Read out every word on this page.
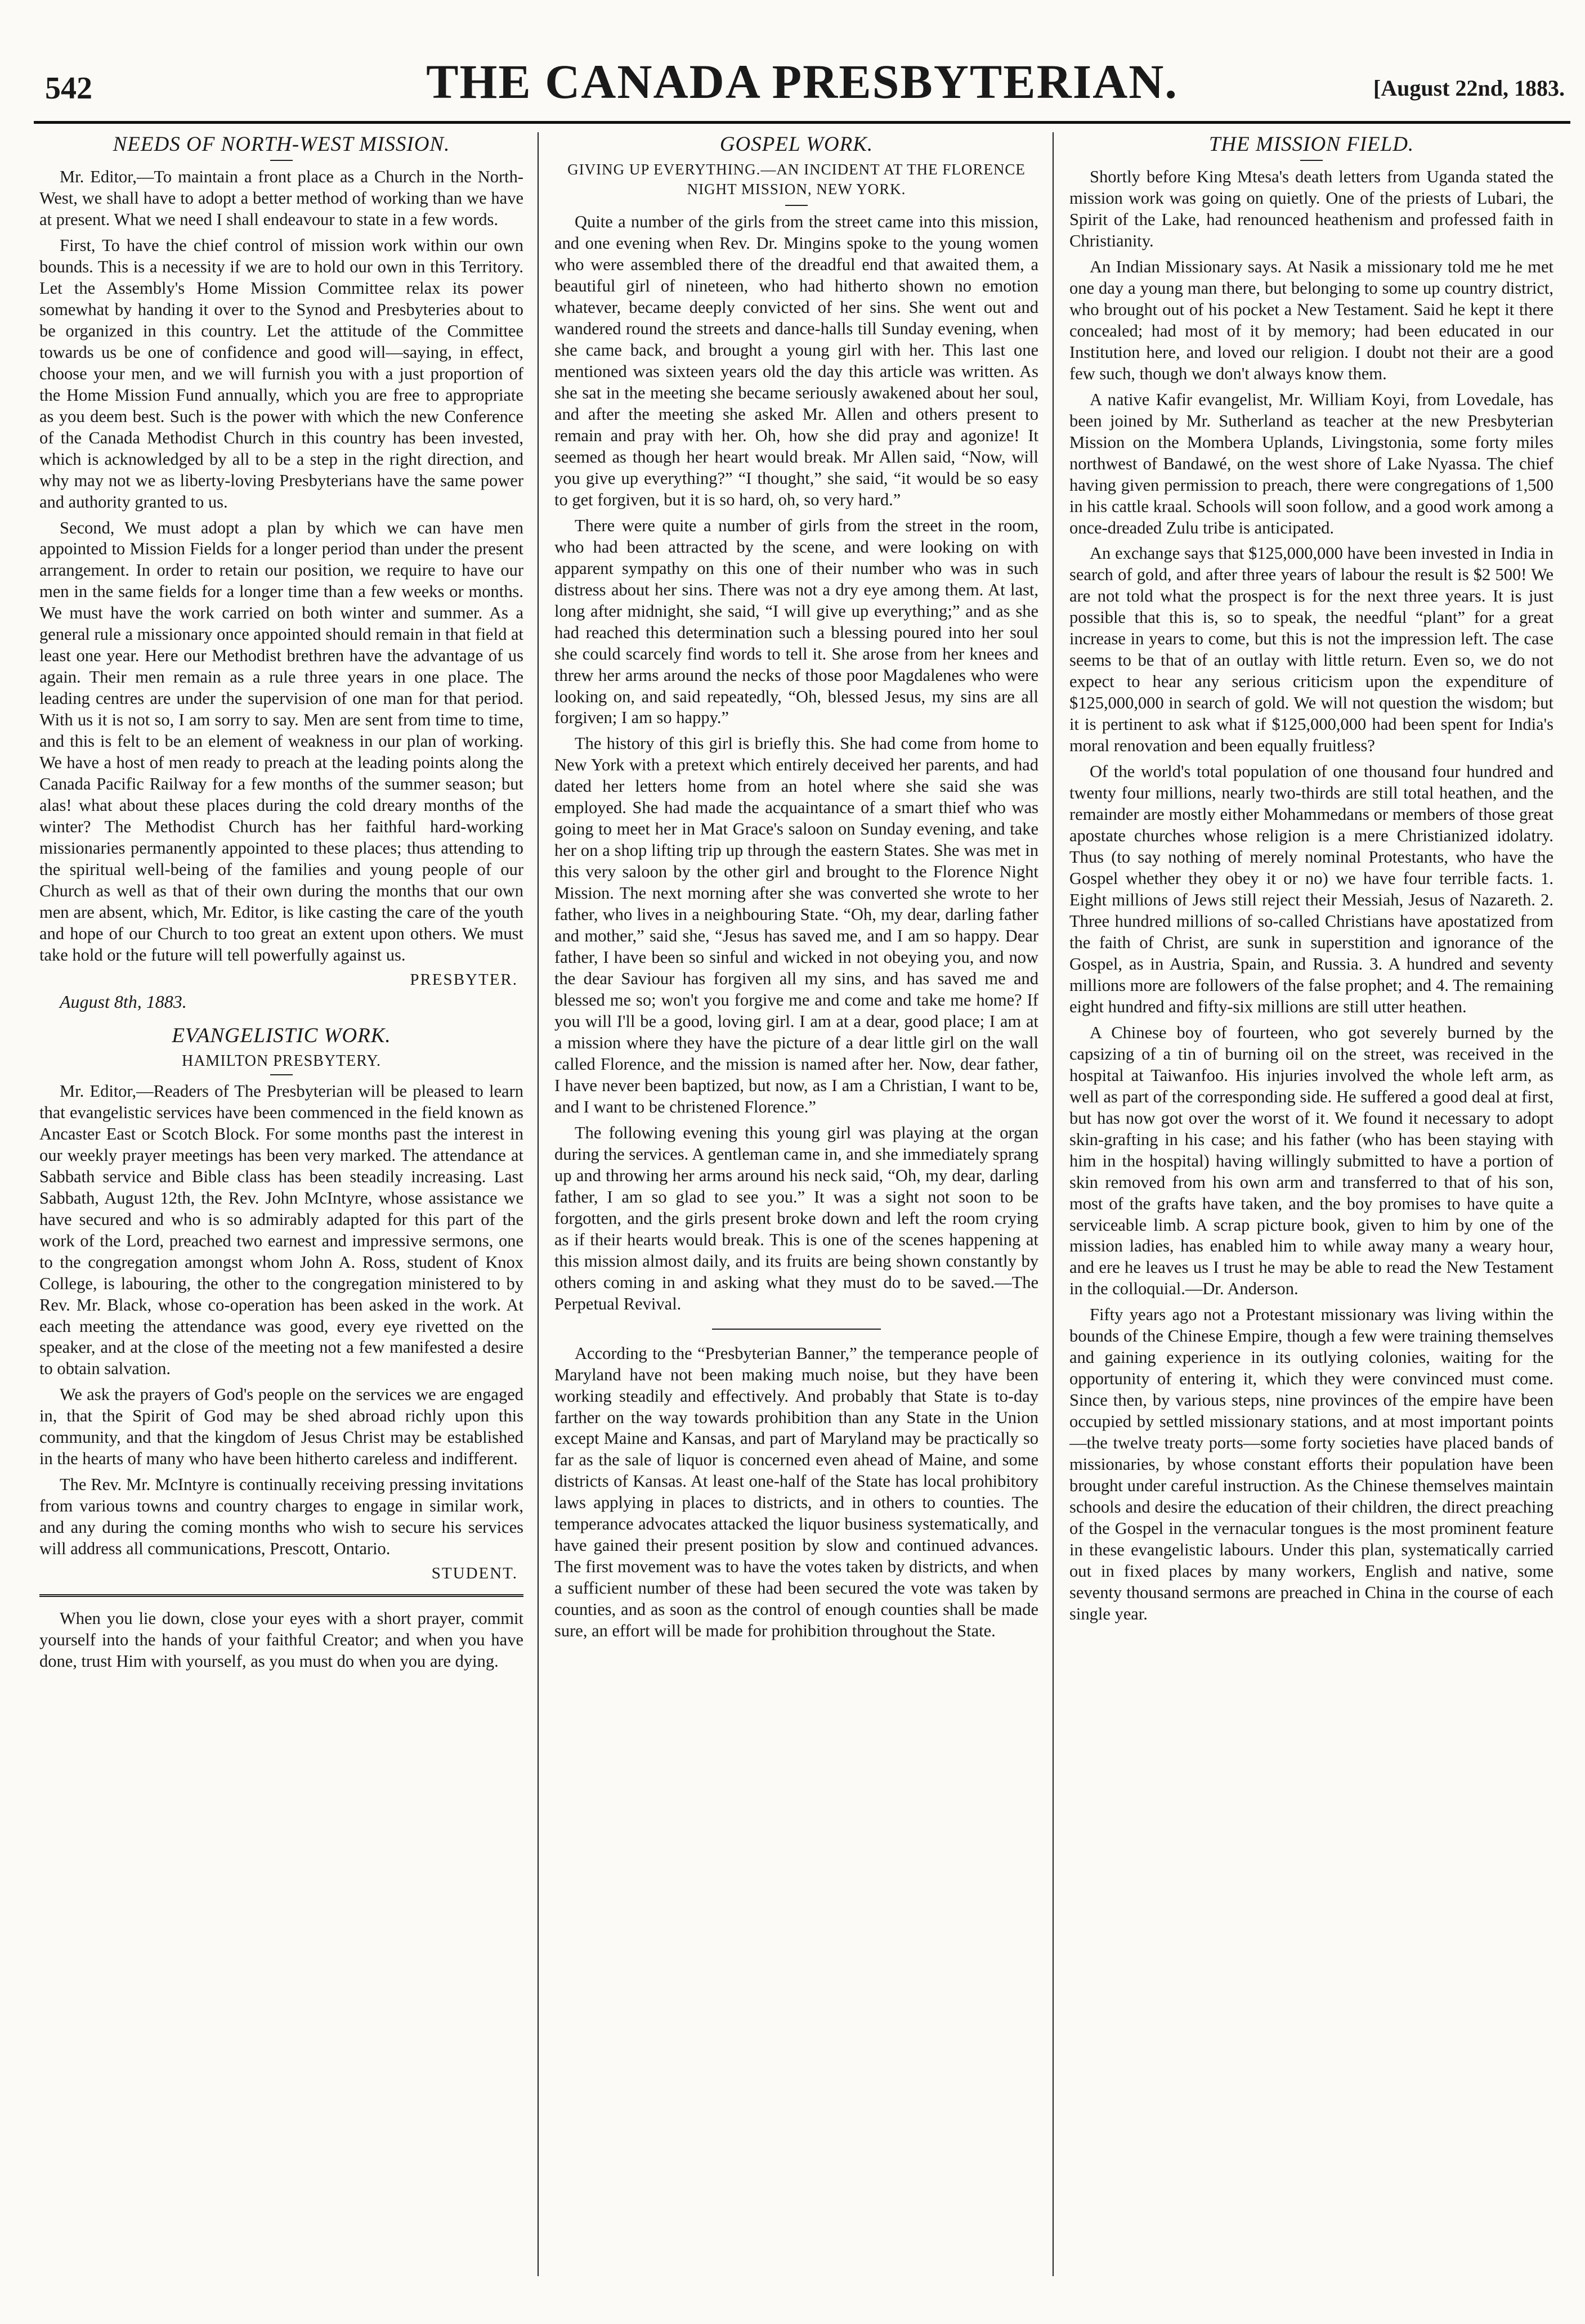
542	THE CANADA PRESBYTERIAN.	[August 22nd, 1883.
NEEDS OF NORTH-WEST MISSION.

Mr. Editor,—To maintain a front place as a Church in the North-West, we shall have to adopt a better method of working than we have at present. What we need I shall endeavour to state in a few words.

First, To have the chief control of mission work within our own bounds. This is a necessity if we are to hold our own in this Territory. Let the Assembly's Home Mission Committee relax its power somewhat by handing it over to the Synod and Presbyteries about to be organized in this country. Let the attitude of the Committee towards us be one of confidence and good will—saying, in effect, choose your men, and we will furnish you with a just proportion of the Home Mission Fund annually, which you are free to appropriate as you deem best. Such is the power with which the new Conference of the Canada Methodist Church in this country has been invested, which is acknowledged by all to be a step in the right direction, and why may not we as liberty-loving Presbyterians have the same power and authority granted to us.

Second, We must adopt a plan by which we can have men appointed to Mission Fields for a longer period than under the present arrangement. In order to retain our position, we require to have our men in the same fields for a longer time than a few weeks or months. We must have the work carried on both winter and summer. As a general rule a missionary once appointed should remain in that field at least one year. Here our Methodist brethren have the advantage of us again. Their men remain as a rule three years in one place. The leading centres are under the supervision of one man for that period. With us it is not so, I am sorry to say. Men are sent from time to time, and this is felt to be an element of weakness in our plan of working. We have a host of men ready to preach at the leading points along the Canada Pacific Railway for a few months of the summer season; but alas! what about these places during the cold dreary months of the winter? The Methodist Church has her faithful hard-working missionaries permanently appointed to these places; thus attending to the spiritual well-being of the families and young people of our Church as well as that of their own during the months that our own men are absent, which, Mr. Editor, is like casting the care of the youth and hope of our Church to too great an extent upon others. We must take hold or the future will tell powerfully against us.

PRESBYTER.
August 8th, 1883.
EVANGELISTIC WORK.
HAMILTON PRESBYTERY.

Mr. Editor,—Readers of The Presbyterian will be pleased to learn that evangelistic services have been commenced in the field known as Ancaster East or Scotch Block. For some months past the interest in our weekly prayer meetings has been very marked. The attendance at Sabbath service and Bible class has been steadily increasing. Last Sabbath, August 12th, the Rev. John McIntyre, whose assistance we have secured and who is so admirably adapted for this part of the work of the Lord, preached two earnest and impressive sermons, one to the congregation amongst whom John A. Ross, student of Knox College, is labouring, the other to the congregation ministered to by Rev. Mr. Black, whose co-operation has been asked in the work. At each meeting the attendance was good, every eye rivetted on the speaker, and at the close of the meeting not a few manifested a desire to obtain salvation.

We ask the prayers of God's people on the services we are engaged in, that the Spirit of God may be shed abroad richly upon this community, and that the kingdom of Jesus Christ may be established in the hearts of many who have been hitherto careless and indifferent.

The Rev. Mr. McIntyre is continually receiving pressing invitations from various towns and country charges to engage in similar work, and any during the coming months who wish to secure his services will address all communications, Prescott, Ontario.

STUDENT.

When you lie down, close your eyes with a short prayer, commit yourself into the hands of your faithful Creator; and when you have done, trust Him with yourself, as you must do when you are dying.

GOSPEL WORK.
GIVING UP EVERYTHING.—AN INCIDENT AT THE FLORENCE NIGHT MISSION, NEW YORK.

Quite a number of the girls from the street came into this mission, and one evening when Rev. Dr. Mingins spoke to the young women who were assembled there of the dreadful end that awaited them, a beautiful girl of nineteen, who had hitherto shown no emotion whatever, became deeply convicted of her sins. She went out and wandered round the streets and dance-halls till Sunday evening, when she came back, and brought a young girl with her. This last one mentioned was sixteen years old the day this article was written. As she sat in the meeting she became seriously awakened about her soul, and after the meeting she asked Mr. Allen and others present to remain and pray with her. Oh, how she did pray and agonize! It seemed as though her heart would break. Mr Allen said, “Now, will you give up everything?” “I thought,” she said, “it would be so easy to get forgiven, but it is so hard, oh, so very hard.”

There were quite a number of girls from the street in the room, who had been attracted by the scene, and were looking on with apparent sympathy on this one of their number who was in such distress about her sins. There was not a dry eye among them. At last, long after midnight, she said, “I will give up everything;” and as she had reached this determination such a blessing poured into her soul she could scarcely find words to tell it. She arose from her knees and threw her arms around the necks of those poor Magdalenes who were looking on, and said repeatedly, “Oh, blessed Jesus, my sins are all forgiven; I am so happy.”

The history of this girl is briefly this. She had come from home to New York with a pretext which entirely deceived her parents, and had dated her letters home from an hotel where she said she was employed. She had made the acquaintance of a smart thief who was going to meet her in Mat Grace's saloon on Sunday evening, and take her on a shop lifting trip up through the eastern States. She was met in this very saloon by the other girl and brought to the Florence Night Mission. The next morning after she was converted she wrote to her father, who lives in a neighbouring State. “Oh, my dear, darling father and mother,” said she, “Jesus has saved me, and I am so happy. Dear father, I have been so sinful and wicked in not obeying you, and now the dear Saviour has forgiven all my sins, and has saved me and blessed me so; won't you forgive me and come and take me home? If you will I'll be a good, loving girl. I am at a dear, good place; I am at a mission where they have the picture of a dear little girl on the wall called Florence, and the mission is named after her. Now, dear father, I have never been baptized, but now, as I am a Christian, I want to be, and I want to be christened Florence.”

The following evening this young girl was playing at the organ during the services. A gentleman came in, and she immediately sprang up and throwing her arms around his neck said, “Oh, my dear, darling father, I am so glad to see you.” It was a sight not soon to be forgotten, and the girls present broke down and left the room crying as if their hearts would break. This is one of the scenes happening at this mission almost daily, and its fruits are being shown constantly by others coming in and asking what they must do to be saved.—The Perpetual Revival.

According to the “Presbyterian Banner,” the temperance people of Maryland have not been making much noise, but they have been working steadily and effectively. And probably that State is to-day farther on the way towards prohibition than any State in the Union except Maine and Kansas, and part of Maryland may be practically so far as the sale of liquor is concerned even ahead of Maine, and some districts of Kansas. At least one-half of the State has local prohibitory laws applying in places to districts, and in others to counties. The temperance advocates attacked the liquor business systematically, and have gained their present position by slow and continued advances. The first movement was to have the votes taken by districts, and when a sufficient number of these had been secured the vote was taken by counties, and as soon as the control of enough counties shall be made sure, an effort will be made for prohibition throughout the State.

THE MISSION FIELD.

Shortly before King Mtesa's death letters from Uganda stated the mission work was going on quietly. One of the priests of Lubari, the Spirit of the Lake, had renounced heathenism and professed faith in Christianity.

An Indian Missionary says. At Nasik a missionary told me he met one day a young man there, but belonging to some up country district, who brought out of his pocket a New Testament. Said he kept it there concealed; had most of it by memory; had been educated in our Institution here, and loved our religion. I doubt not their are a good few such, though we don't always know them.

A native Kafir evangelist, Mr. William Koyi, from Lovedale, has been joined by Mr. Sutherland as teacher at the new Presbyterian Mission on the Mombera Uplands, Livingstonia, some forty miles northwest of Bandawé, on the west shore of Lake Nyassa. The chief having given permission to preach, there were congregations of 1,500 in his cattle kraal. Schools will soon follow, and a good work among a once-dreaded Zulu tribe is anticipated.

An exchange says that $125,000,000 have been invested in India in search of gold, and after three years of labour the result is $2 500! We are not told what the prospect is for the next three years. It is just possible that this is, so to speak, the needful “plant” for a great increase in years to come, but this is not the impression left. The case seems to be that of an outlay with little return. Even so, we do not expect to hear any serious criticism upon the expenditure of $125,000,000 in search of gold. We will not question the wisdom; but it is pertinent to ask what if $125,000,000 had been spent for India's moral renovation and been equally fruitless?

Of the world's total population of one thousand four hundred and twenty four millions, nearly two-thirds are still total heathen, and the remainder are mostly either Mohammedans or members of those great apostate churches whose religion is a mere Christianized idolatry. Thus (to say nothing of merely nominal Protestants, who have the Gospel whether they obey it or no) we have four terrible facts. 1. Eight millions of Jews still reject their Messiah, Jesus of Nazareth. 2. Three hundred millions of so-called Christians have apostatized from the faith of Christ, are sunk in superstition and ignorance of the Gospel, as in Austria, Spain, and Russia. 3. A hundred and seventy millions more are followers of the false prophet; and 4. The remaining eight hundred and fifty-six millions are still utter heathen.

A Chinese boy of fourteen, who got severely burned by the capsizing of a tin of burning oil on the street, was received in the hospital at Taiwanfoo. His injuries involved the whole left arm, as well as part of the corresponding side. He suffered a good deal at first, but has now got over the worst of it. We found it necessary to adopt skin-grafting in his case; and his father (who has been staying with him in the hospital) having willingly submitted to have a portion of skin removed from his own arm and transferred to that of his son, most of the grafts have taken, and the boy promises to have quite a serviceable limb. A scrap picture book, given to him by one of the mission ladies, has enabled him to while away many a weary hour, and ere he leaves us I trust he may be able to read the New Testament in the colloquial.—Dr. Anderson.

Fifty years ago not a Protestant missionary was living within the bounds of the Chinese Empire, though a few were training themselves and gaining experience in its outlying colonies, waiting for the opportunity of entering it, which they were convinced must come. Since then, by various steps, nine provinces of the empire have been occupied by settled missionary stations, and at most important points—the twelve treaty ports—some forty societies have placed bands of missionaries, by whose constant efforts their population have been brought under careful instruction. As the Chinese themselves maintain schools and desire the education of their children, the direct preaching of the Gospel in the vernacular tongues is the most prominent feature in these evangelistic labours. Under this plan, systematically carried out in fixed places by many workers, English and native, some seventy thousand sermons are preached in China in the course of each single year.
